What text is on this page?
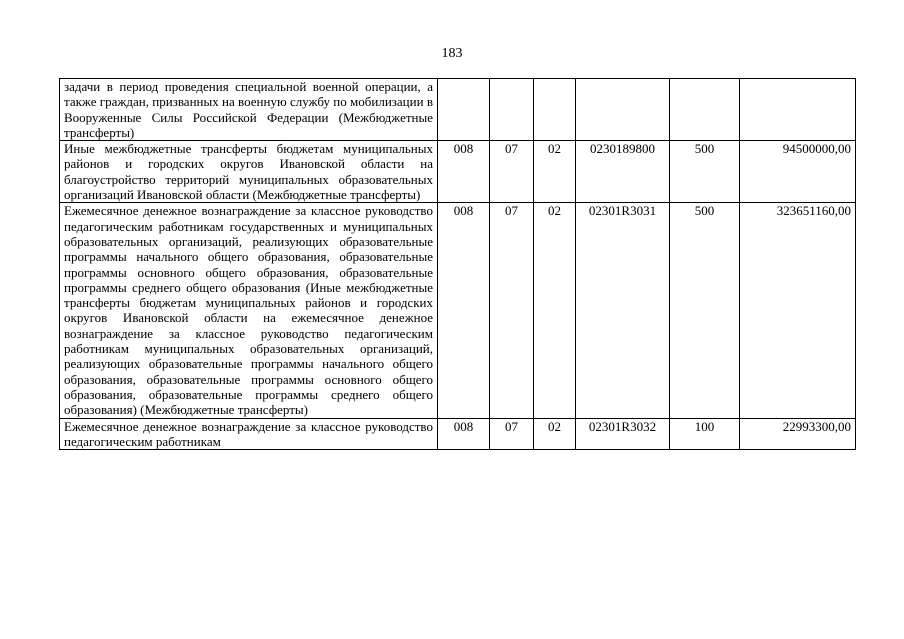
183
задачи в период проведения специальной военной операции, а также граждан, призванных на военную службу по мобилизации в Вооруженные Силы Российской Федерации (Межбюджетные трансферты)						
Иные межбюджетные трансферты бюджетам муниципальных районов и городских округов Ивановской области на благоустройство территорий муниципальных образовательных организаций Ивановской области (Межбюджетные трансферты)	008	07	02	0230189800	500	94500000,00
Ежемесячное денежное вознаграждение за классное руководство педагогическим работникам государственных и муниципальных образовательных организаций, реализующих образовательные программы начального общего образования, образовательные программы основного общего образования, образовательные программы среднего общего образования (Иные межбюджетные трансферты бюджетам муниципальных районов и городских округов Ивановской области на ежемесячное денежное вознаграждение за классное руководство педагогическим работникам муниципальных образовательных организаций, реализующих образовательные программы начального общего образования, образовательные программы основного общего образования, образовательные программы среднего общего образования) (Межбюджетные трансферты)	008	07	02	02301R3031	500	323651160,00

Ежемесячное денежное вознаграждение за классное руководство педагогическим работникам	008	07	02	02301R3032	100	22993300,00
